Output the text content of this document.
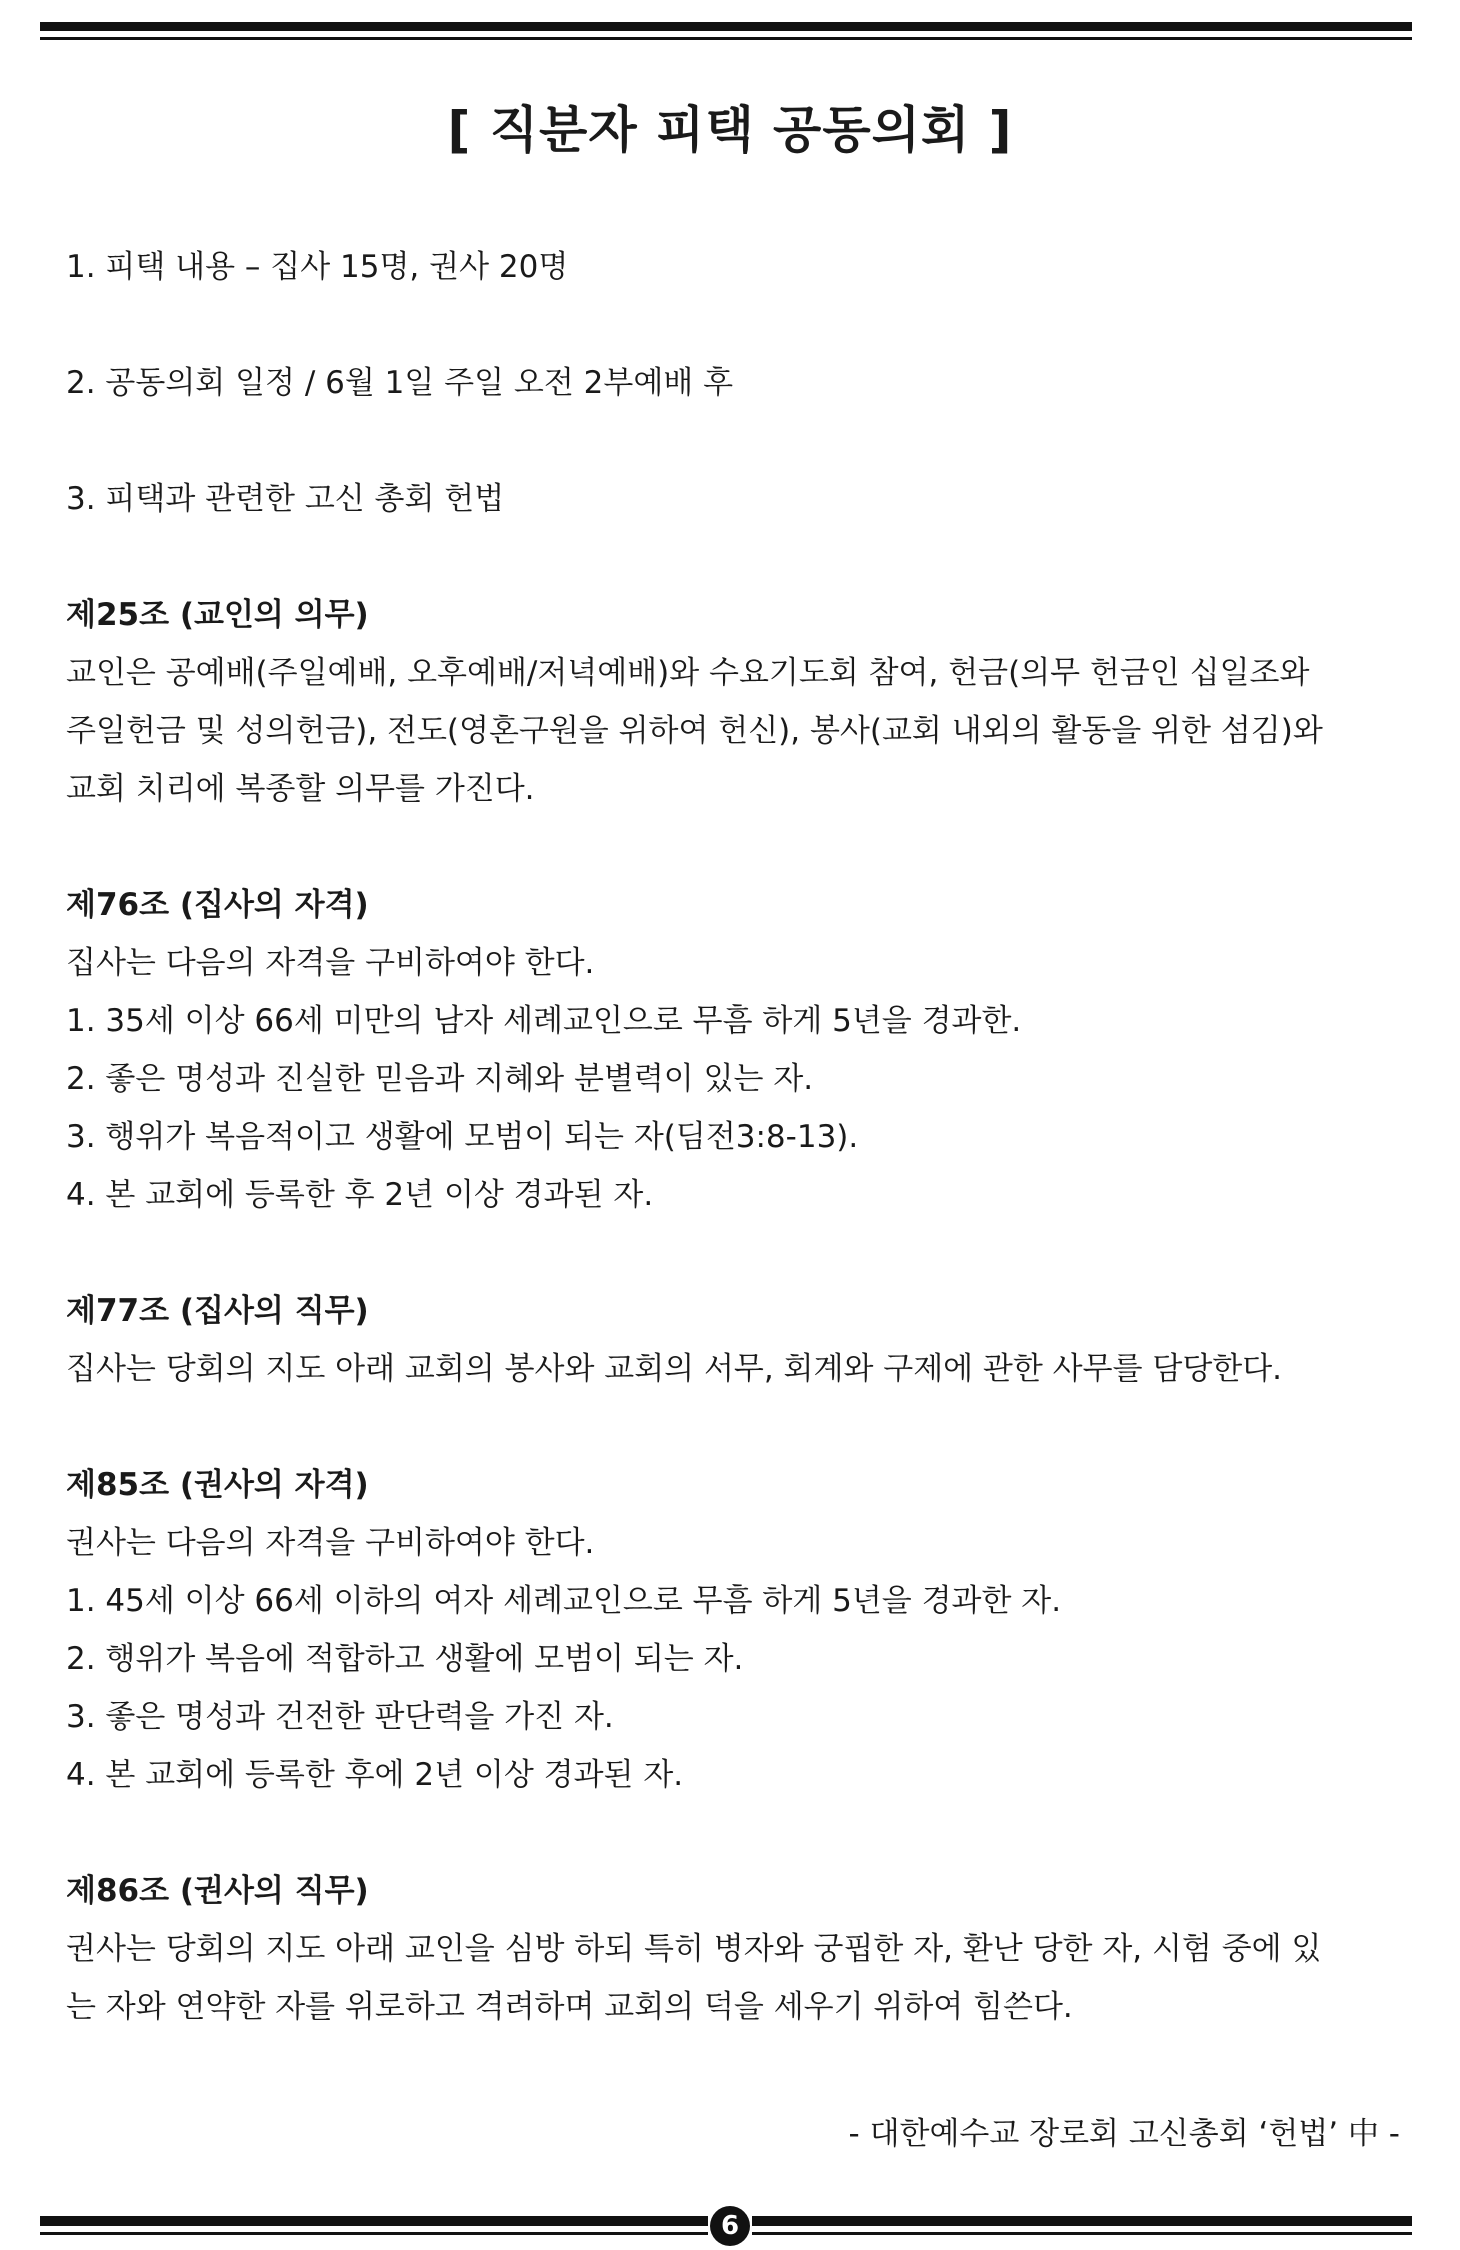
[ 직분자 피택 공동의회 ]
1. 피택 내용 – 집사 15명, 권사 20명
2. 공동의회 일정 / 6월 1일 주일 오전 2부예배 후
3. 피택과 관련한 고신 총회 헌법
제25조 (교인의 의무)
교인은 공예배(주일예배, 오후예배/저녁예배)와 수요기도회 참여, 헌금(의무 헌금인 십일조와
주일헌금 및 성의헌금), 전도(영혼구원을 위하여 헌신), 봉사(교회 내외의 활동을 위한 섬김)와
교회 치리에 복종할 의무를 가진다.
제76조 (집사의 자격)
집사는 다음의 자격을 구비하여야 한다.
1. 35세 이상 66세 미만의 남자 세례교인으로 무흠 하게 5년을 경과한.
2. 좋은 명성과 진실한 믿음과 지혜와 분별력이 있는 자.
3. 행위가 복음적이고 생활에 모범이 되는 자(딤전3:8-13).
4. 본 교회에 등록한 후 2년 이상 경과된 자.
제77조 (집사의 직무)
집사는 당회의 지도 아래 교회의 봉사와 교회의 서무, 회계와 구제에 관한 사무를 담당한다.
제85조 (권사의 자격)
권사는 다음의 자격을 구비하여야 한다.
1. 45세 이상 66세 이하의 여자 세례교인으로 무흠 하게 5년을 경과한 자.
2. 행위가 복음에 적합하고 생활에 모범이 되는 자.
3. 좋은 명성과 건전한 판단력을 가진 자.
4. 본 교회에 등록한 후에 2년 이상 경과된 자.
제86조 (권사의 직무)
권사는 당회의 지도 아래 교인을 심방 하되 특히 병자와 궁핍한 자, 환난 당한 자, 시험 중에 있
는 자와 연약한 자를 위로하고 격려하며 교회의 덕을 세우기 위하여 힘쓴다.
- 대한예수교 장로회 고신총회 ‘헌법’ 中 -
6
